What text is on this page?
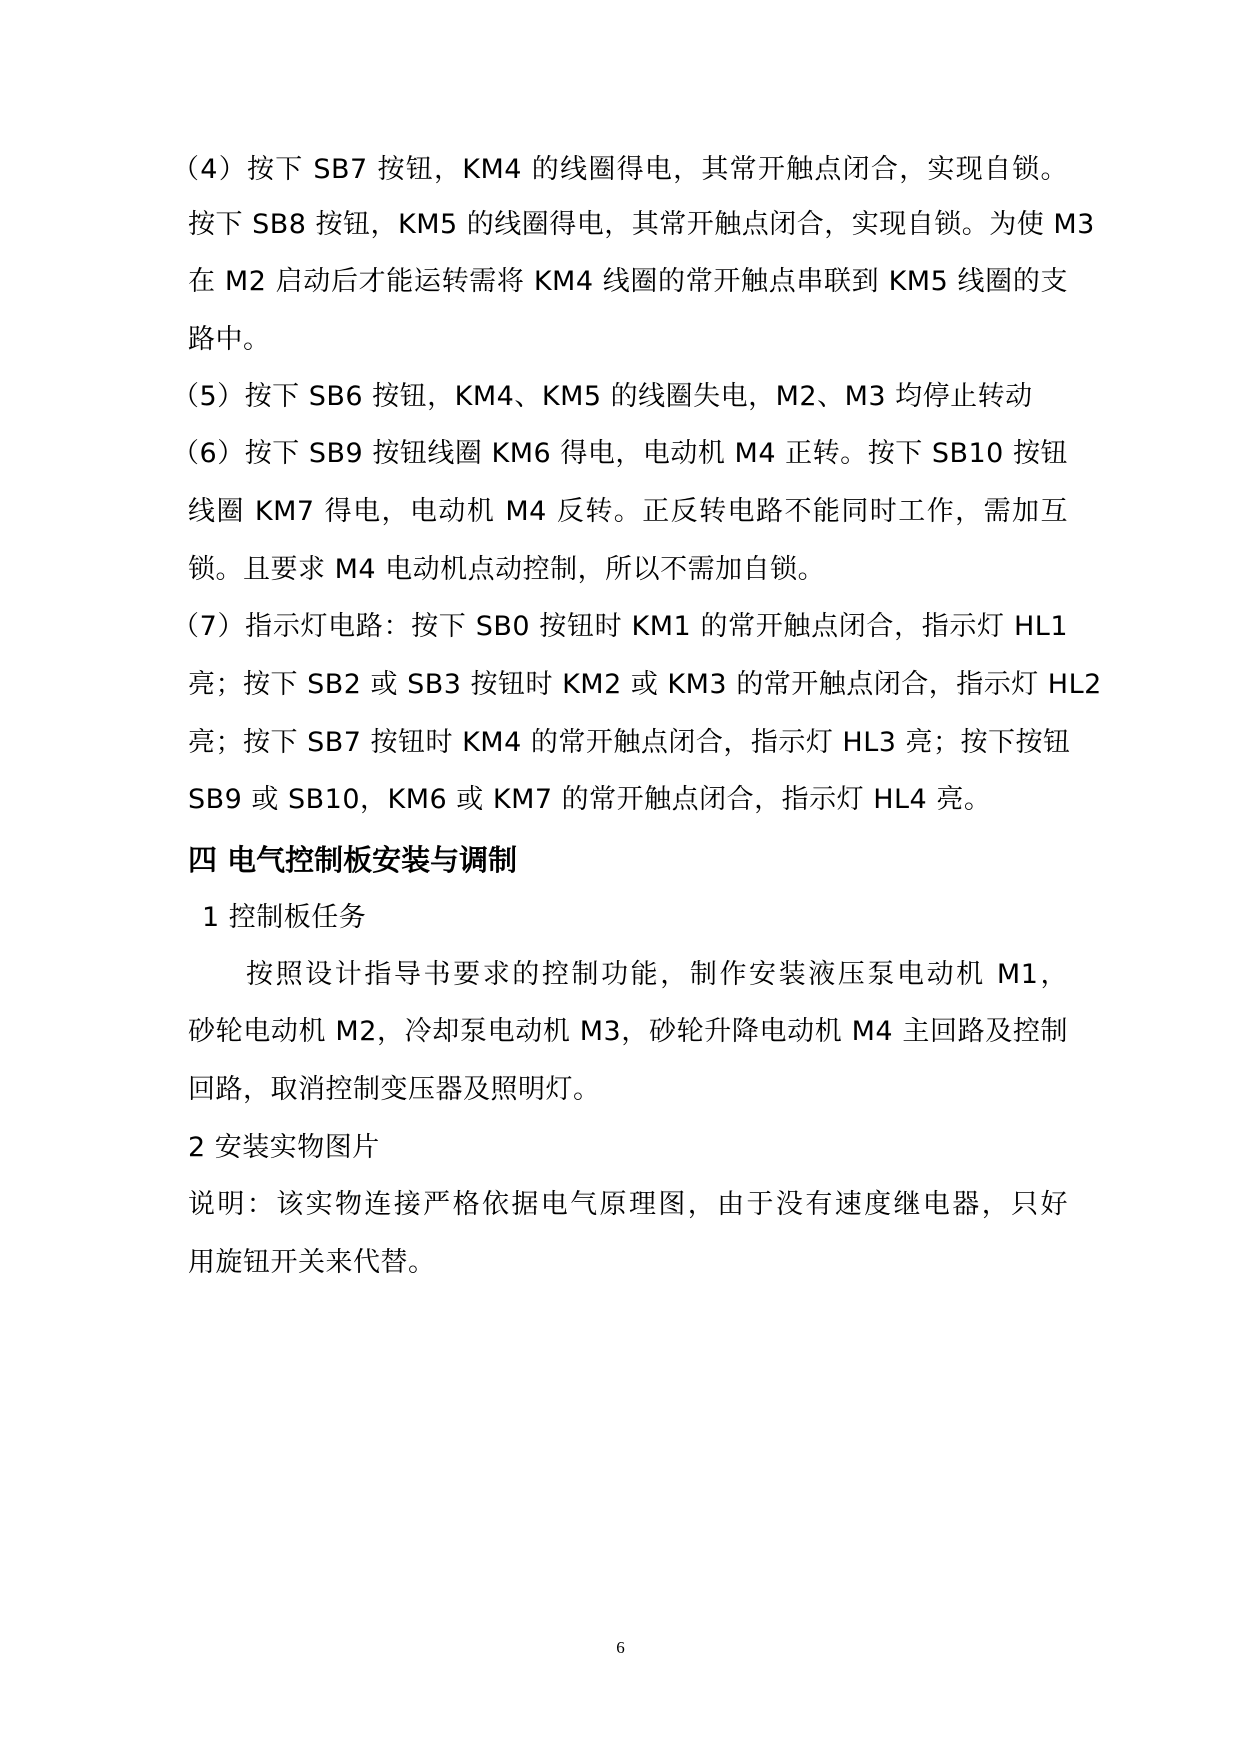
（4）按下 SB7 按钮，KM4 的线圈得电，其常开触点闭合，实现自锁。
按下 SB8 按钮，KM5 的线圈得电，其常开触点闭合，实现自锁。为使 M3
在 M2 启动后才能运转需将 KM4 线圈的常开触点串联到 KM5 线圈的支
路中。
（5）按下 SB6 按钮，KM4、KM5 的线圈失电，M2、M3 均停止转动
（6）按下 SB9 按钮线圈 KM6 得电，电动机 M4 正转。按下 SB10 按钮
线圈 KM7 得电，电动机 M4 反转。正反转电路不能同时工作，需加互
锁。且要求 M4 电动机点动控制，所以不需加自锁。
（7）指示灯电路：按下 SB0 按钮时 KM1 的常开触点闭合，指示灯 HL1
亮；按下 SB2 或 SB3 按钮时 KM2 或 KM3 的常开触点闭合，指示灯 HL2
亮；按下 SB7 按钮时 KM4 的常开触点闭合，指示灯 HL3 亮；按下按钮
SB9 或 SB10，KM6 或 KM7 的常开触点闭合，指示灯 HL4 亮。
四 电气控制板安装与调制
1 控制板任务
按照设计指导书要求的控制功能，制作安装液压泵电动机 M1，
砂轮电动机 M2，冷却泵电动机 M3，砂轮升降电动机 M4 主回路及控制
回路，取消控制变压器及照明灯。
2 安装实物图片
说明：该实物连接严格依据电气原理图，由于没有速度继电器，只好
用旋钮开关来代替。
6
